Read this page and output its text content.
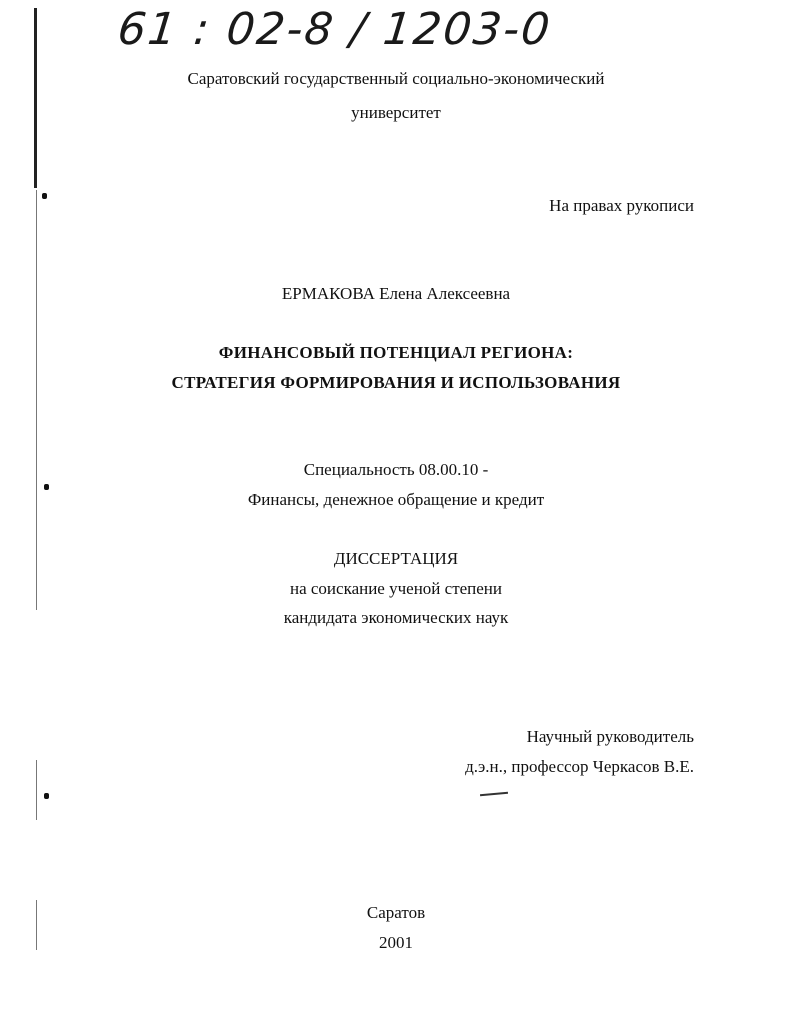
61 : 02-8 / 1203-0
Саратовский государственный социально-экономический
университет
На правах рукописи
ЕРМАКОВА Елена Алексеевна
ФИНАНСОВЫЙ ПОТЕНЦИАЛ РЕГИОНА:
СТРАТЕГИЯ ФОРМИРОВАНИЯ И ИСПОЛЬЗОВАНИЯ
Специальность 08.00.10 -
Финансы, денежное обращение и кредит
ДИССЕРТАЦИЯ
на соискание ученой степени
кандидата экономических наук
Научный руководитель
д.э.н., профессор Черкасов В.Е.
Саратов
2001
